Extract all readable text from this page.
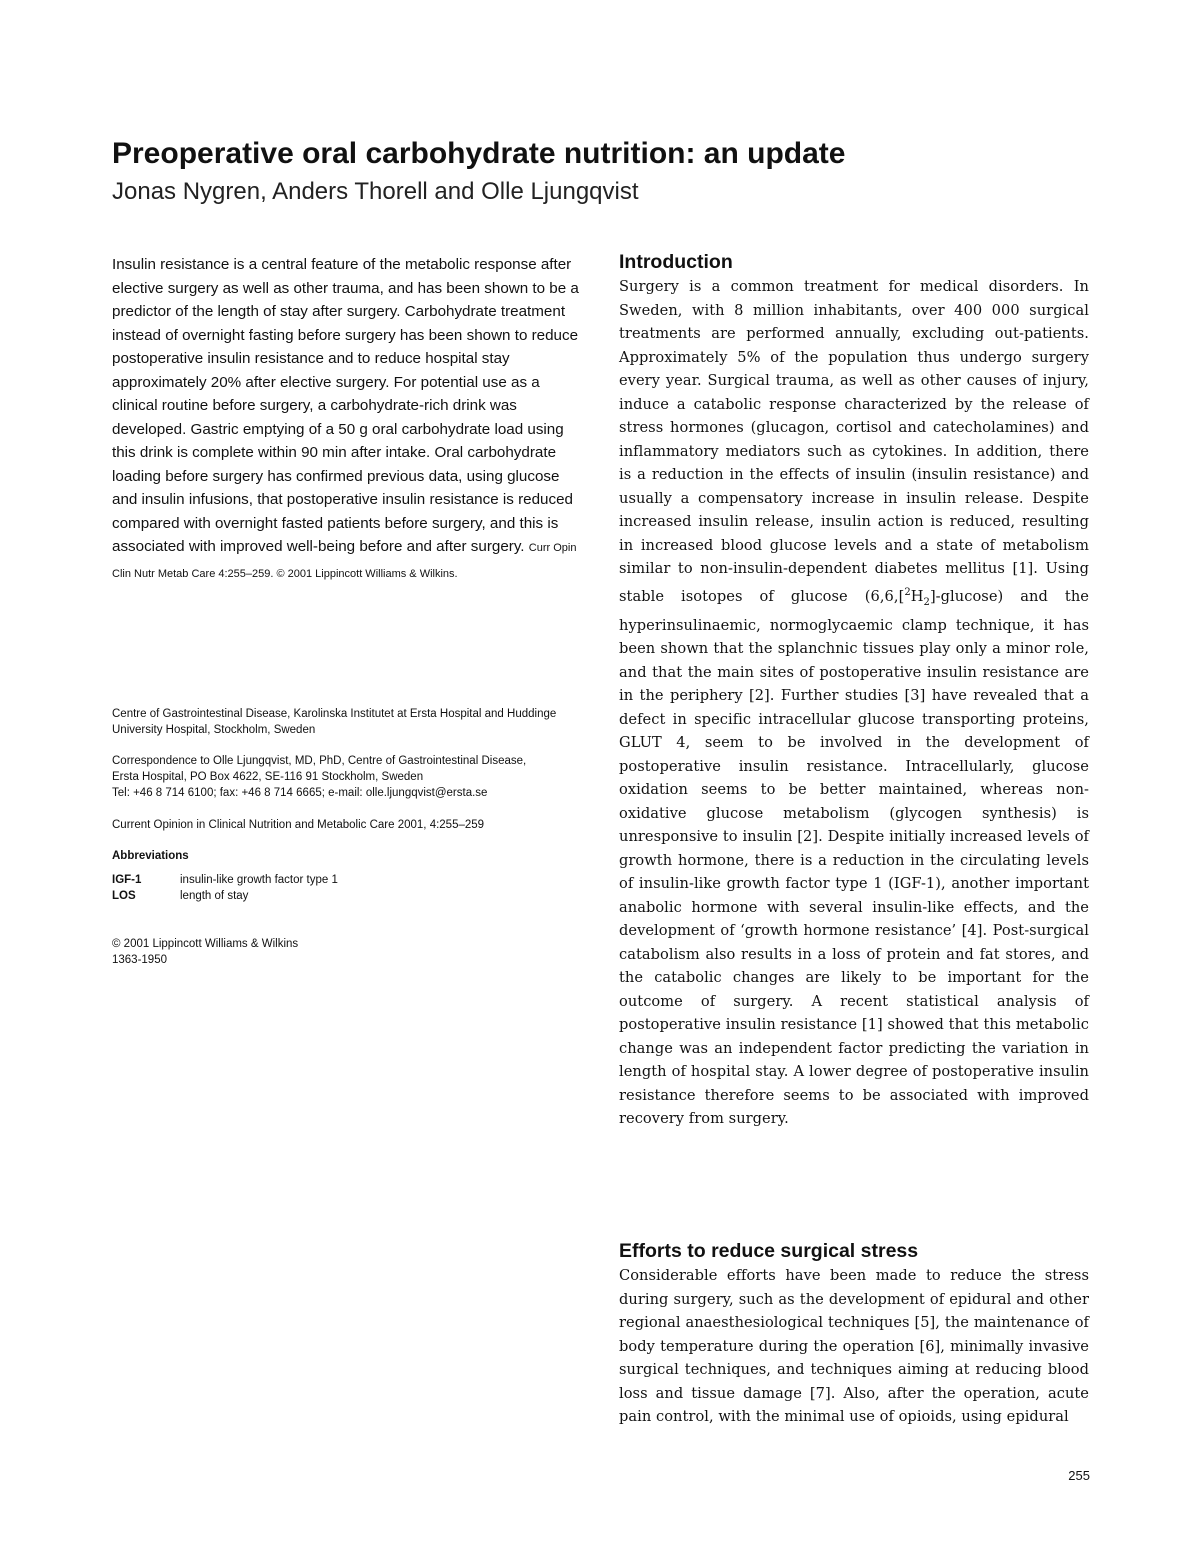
Preoperative oral carbohydrate nutrition: an update
Jonas Nygren, Anders Thorell and Olle Ljungqvist

Insulin resistance is a central feature of the metabolic response after elective surgery as well as other trauma, and has been shown to be a predictor of the length of stay after surgery. Carbohydrate treatment instead of overnight fasting before surgery has been shown to reduce postoperative insulin resistance and to reduce hospital stay approximately 20% after elective surgery. For potential use as a clinical routine before surgery, a carbohydrate-rich drink was developed. Gastric emptying of a 50 g oral carbohydrate load using this drink is complete within 90 min after intake. Oral carbohydrate loading before surgery has confirmed previous data, using glucose and insulin infusions, that postoperative insulin resistance is reduced compared with overnight fasted patients before surgery, and this is associated with improved well-being before and after surgery. Curr Opin Clin Nutr Metab Care 4:255–259. © 2001 Lippincott Williams & Wilkins.

Centre of Gastrointestinal Disease, Karolinska Institutet at Ersta Hospital and Huddinge University Hospital, Stockholm, Sweden

Correspondence to Olle Ljungqvist, MD, PhD, Centre of Gastrointestinal Disease,

Ersta Hospital, PO Box 4622, SE-116 91 Stockholm, Sweden

Tel: +46 8 714 6100; fax: +46 8 714 6665; e-mail: olle.ljungqvist@ersta.se

Current Opinion in Clinical Nutrition and Metabolic Care 2001, 4:255–259

Abbreviations

IGF-1	insulin-like growth factor type 1
LOS	length of stay

© 2001 Lippincott Williams & Wilkins

1363-1950

Introduction

Surgery is a common treatment for medical disorders. In Sweden, with 8 million inhabitants, over 400 000 surgical treatments are performed annually, excluding out-patients. Approximately 5% of the population thus undergo surgery every year. Surgical trauma, as well as other causes of injury, induce a catabolic response characterized by the release of stress hormones (glucagon, cortisol and catecholamines) and inflammatory mediators such as cytokines. In addition, there is a reduction in the effects of insulin (insulin resistance) and usually a compensatory increase in insulin release. Despite increased insulin release, insulin action is reduced, resulting in increased blood glucose levels and a state of metabolism similar to non-insulin-dependent diabetes mellitus [1]. Using stable isotopes of glucose $(6,6,[^2H_2]-glucose)$ and the hyperinsulinaemic, normoglycaemic clamp technique, it has been shown that the splanchnic tissues play only a minor role, and that the main sites of postoperative insulin resistance are in the periphery [2]. Further studies [3] have revealed that a defect in specific intracellular glucose transporting proteins, GLUT 4, seem to be involved in the development of postoperative insulin resistance. Intracellularly, glucose oxidation seems to be better maintained, whereas non-oxidative glucose metabolism (glycogen synthesis) is unresponsive to insulin [2]. Despite initially increased levels of growth hormone, there is a reduction in the circulating levels of insulin-like growth factor type 1 (IGF-1), another important anabolic hormone with several insulin-like effects, and the development of ‘growth hormone resistance’ [4]. Post-surgical catabolism also results in a loss of protein and fat stores, and the catabolic changes are likely to be important for the outcome of surgery. A recent statistical analysis of postoperative insulin resistance [1] showed that this metabolic change was an independent factor predicting the variation in length of hospital stay. A lower degree of postoperative insulin resistance therefore seems to be associated with improved recovery from surgery.

Efforts to reduce surgical stress

Considerable efforts have been made to reduce the stress during surgery, such as the development of epidural and other regional anaesthesiological techniques [5], the maintenance of body temperature during the operation [6], minimally invasive surgical techniques, and techniques aiming at reducing blood loss and tissue damage [7]. Also, after the operation, acute pain control, with the minimal use of opioids, using epidural

255
